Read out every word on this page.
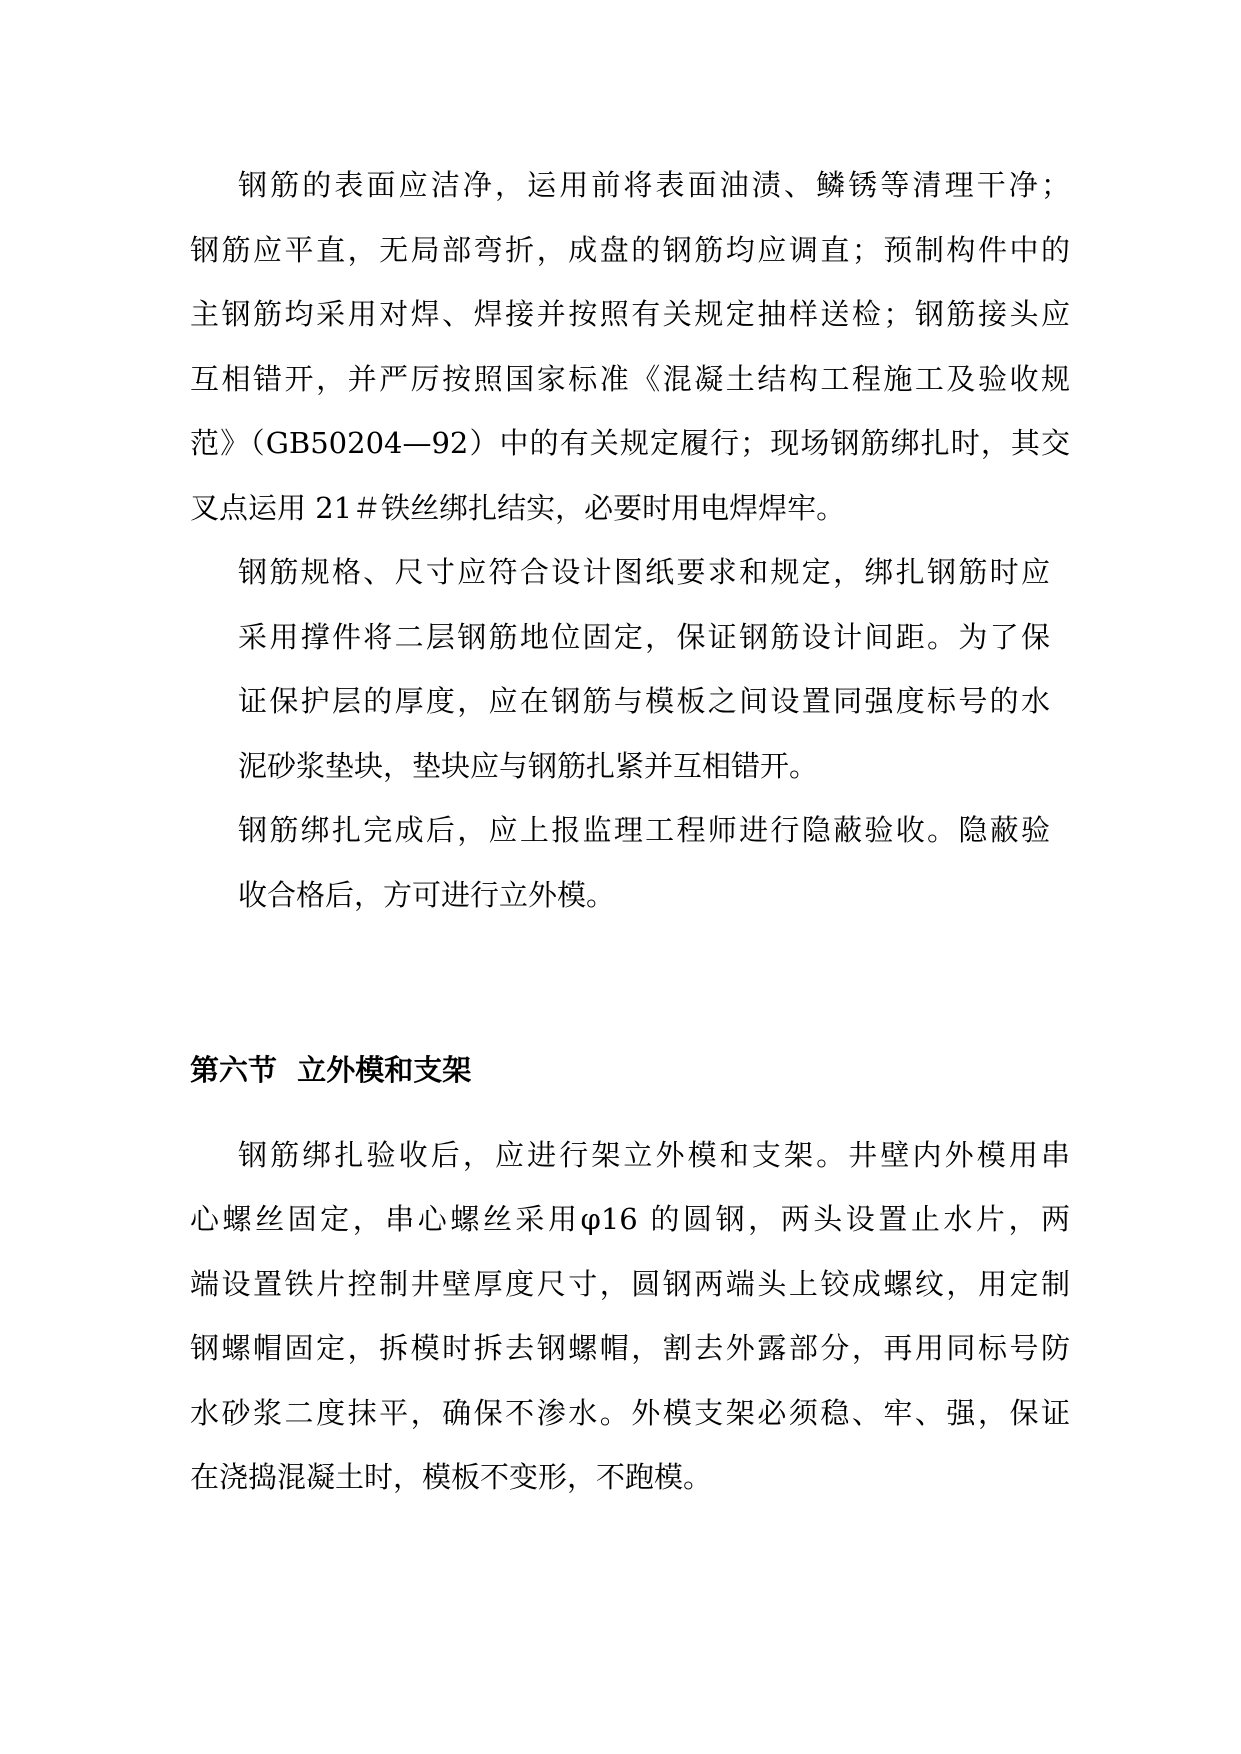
钢筋的表面应洁净，运用前将表面油渍、鳞锈等清理干净；
钢筋应平直，无局部弯折，成盘的钢筋均应调直；预制构件中的
主钢筋均采用对焊、焊接并按照有关规定抽样送检；钢筋接头应
互相错开，并严厉按照国家标准《混凝土结构工程施工及验收规
范》（GB50204—92）中的有关规定履行；现场钢筋绑扎时，其交
叉点运用 21＃铁丝绑扎结实，必要时用电焊焊牢。
钢筋规格、尺寸应符合设计图纸要求和规定，绑扎钢筋时应
采用撑件将二层钢筋地位固定，保证钢筋设计间距。为了保
证保护层的厚度，应在钢筋与模板之间设置同强度标号的水
泥砂浆垫块，垫块应与钢筋扎紧并互相错开。
钢筋绑扎完成后，应上报监理工程师进行隐蔽验收。隐蔽验
收合格后，方可进行立外模。
第六节  立外模和支架
钢筋绑扎验收后，应进行架立外模和支架。井壁内外模用串
心螺丝固定，串心螺丝采用φ16 的圆钢，两头设置止水片，两
端设置铁片控制井壁厚度尺寸，圆钢两端头上铰成螺纹，用定制
钢螺帽固定，拆模时拆去钢螺帽，割去外露部分，再用同标号防
水砂浆二度抹平，确保不渗水。外模支架必须稳、牢、强，保证
在浇捣混凝土时，模板不变形，不跑模。
